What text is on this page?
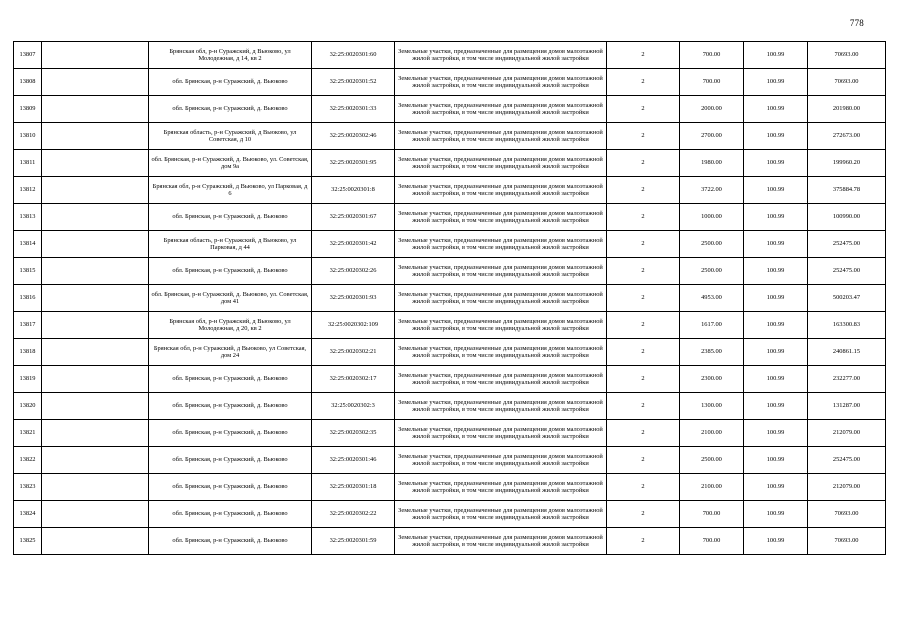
778
13807		Брянская обл, р-н Суражский, д Вьюково, ул Молодежная, д 14, кв 2	32:25:0020301:60	Земельные участки, предназначенные для размещения домов малоэтажной жилой застройки, в том числе индивидуальной жилой застройки	2	700.00	100.99	70693.00
13808		обл. Брянская, р-н Суражский, д. Вьюково	32:25:0020301:52	Земельные участки, предназначенные для размещения домов малоэтажной жилой застройки, в том числе индивидуальной жилой застройки	2	700.00	100.99	70693.00
13809		обл. Брянская, р-н Суражский, д. Вьюково	32:25:0020301:33	Земельные участки, предназначенные для размещения домов малоэтажной жилой застройки, в том числе индивидуальной жилой застройки	2	2000.00	100.99	201980.00
13810		Брянская область, р-н Суражский, д Вьюково, ул Советская, д 10	32:25:0020302:46	Земельные участки, предназначенные для размещения домов малоэтажной жилой застройки, в том числе индивидуальной жилой застройки	2	2700.00	100.99	272673.00
13811		обл. Брянская, р-н Суражский, д. Вьюково, ул. Советская, дом 9а	32:25:0020301:95	Земельные участки, предназначенные для размещения домов малоэтажной жилой застройки, в том числе индивидуальной жилой застройки	2	1980.00	100.99	199960.20
13812		Брянская обл, р-н Суражский, д Вьюково, ул Парковая, д 6	32:25:0020301:8	Земельные участки, предназначенные для размещения домов малоэтажной жилой застройки, в том числе индивидуальной жилой застройки	2	3722.00	100.99	375884.78
13813		обл. Брянская, р-н Суражский, д. Вьюково	32:25:0020301:67	Земельные участки, предназначенные для размещения домов малоэтажной жилой застройки, в том числе индивидуальной жилой застройки	2	1000.00	100.99	100990.00
13814		Брянская область, р-н Суражский, д Вьюково, ул Парковая, д 44	32:25:0020301:42	Земельные участки, предназначенные для размещения домов малоэтажной жилой застройки, в том числе индивидуальной жилой застройки	2	2500.00	100.99	252475.00
13815		обл. Брянская, р-н Суражский, д. Вьюково	32:25:0020302:26	Земельные участки, предназначенные для размещения домов малоэтажной жилой застройки, в том числе индивидуальной жилой застройки	2	2500.00	100.99	252475.00
13816		обл. Брянская, р-н Суражский, д. Вьюково, ул. Советская, дом 41	32:25:0020301:93	Земельные участки, предназначенные для размещения домов малоэтажной жилой застройки, в том числе индивидуальной жилой застройки	2	4953.00	100.99	500203.47
13817		Брянская обл, р-н Суражский, д Вьюково, ул Молодежная, д 20, кв 2	32:25:0020302:109	Земельные участки, предназначенные для размещения домов малоэтажной жилой застройки, в том числе индивидуальной жилой застройки	2	1617.00	100.99	163300.83
13818		Брянская обл, р-н Суражский, д Вьюково, ул Советская, дом 24	32:25:0020302:21	Земельные участки, предназначенные для размещения домов малоэтажной жилой застройки, в том числе индивидуальной жилой застройки	2	2385.00	100.99	240861.15
13819		обл. Брянская, р-н Суражский, д. Вьюково	32:25:0020302:17	Земельные участки, предназначенные для размещения домов малоэтажной жилой застройки, в том числе индивидуальной жилой застройки	2	2300.00	100.99	232277.00
13820		обл. Брянская, р-н Суражский, д. Вьюково	32:25:0020302:3	Земельные участки, предназначенные для размещения домов малоэтажной жилой застройки, в том числе индивидуальной жилой застройки	2	1300.00	100.99	131287.00
13821		обл. Брянская, р-н Суражский, д. Вьюково	32:25:0020302:35	Земельные участки, предназначенные для размещения домов малоэтажной жилой застройки, в том числе индивидуальной жилой застройки	2	2100.00	100.99	212079.00
13822		обл. Брянская, р-н Суражский, д. Вьюково	32:25:0020301:46	Земельные участки, предназначенные для размещения домов малоэтажной жилой застройки, в том числе индивидуальной жилой застройки	2	2500.00	100.99	252475.00
13823		обл. Брянская, р-н Суражский, д. Вьюково	32:25:0020301:18	Земельные участки, предназначенные для размещения домов малоэтажной жилой застройки, в том числе индивидуальной жилой застройки	2	2100.00	100.99	212079.00
13824		обл. Брянская, р-н Суражский, д. Вьюково	32:25:0020302:22	Земельные участки, предназначенные для размещения домов малоэтажной жилой застройки, в том числе индивидуальной жилой застройки	2	700.00	100.99	70693.00
13825		обл. Брянская, р-н Суражский, д. Вьюково	32:25:0020301:59	Земельные участки, предназначенные для размещения домов малоэтажной жилой застройки, в том числе индивидуальной жилой застройки	2	700.00	100.99	70693.00
